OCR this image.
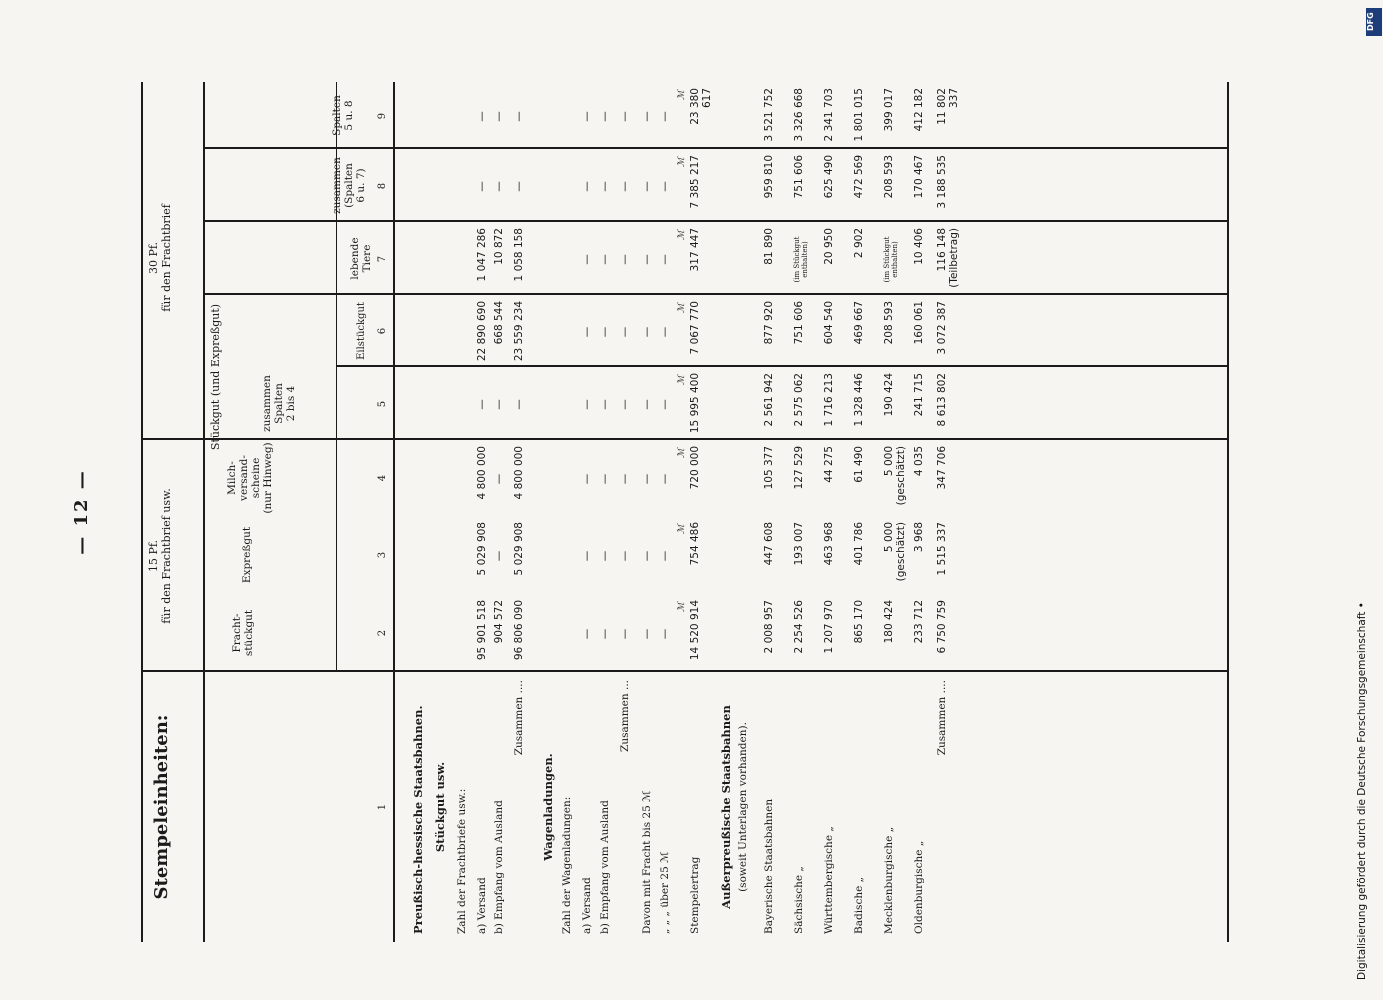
— 12 —
Stempeleinheiten:
15 Pf.
für den Frachtbrief usw.
30 Pf.
für den Frachtbrief
Stückgut (und Expreßgut)
Fracht-
stückgut
Expreßgut
Milch-
versand-
scheine
(nur Hinweg)
zusammen
Spalten
2 bis 4
Eilstückgut
lebende
Tiere
zusammen
(Spalten
6 u. 7)
Spalten
5 u. 8
1
2
3
4
5
6
7
8
9
Preußisch-hessische Staatsbahnen. Stückgut usw. Zahl der Frachtbriefe usw.: a) Versand b) Empfang vom Ausland
Zusammen ....
Wagenladungen. Zahl der Wagenladungen: a) Versand b) Empfang vom Ausland
Zusammen ...
Davon mit Fracht bis 25 ℳ „ „ „ über 25 ℳ Stempelertrag Außerpreußische Staatsbahnen (soweit Unterlagen vorhanden). Bayerische Staatsbahnen Sächsische „ Württembergische „ Badische „ Mecklenburgische „ Oldenburgische „
Zusammen ....
95 901 518
5 029 908
4 800 000
—
22 890 690
1 047 286
—
—
904 572
—
—
—
668 544
10 872
—
—
96 806 090
5 029 908
4 800 000
—
23 559 234
1 058 158
—
—
—
—
—
—
—
—
—
—
—
—
—
—
—
—
—
—
—
—
—
—
—
—
—
—
—
—
—
—
—
—
—
—
—
—
—
—
—
—
—
—
14 520 914
754 486
720 000
15 995 400
7 067 770
317 447
7 385 217
23 380 617
2 008 957
447 608
105 377
2 561 942
877 920
81 890
959 810
3 521 752
2 254 526
193 007
127 529
2 575 062
751 606
(im Stückgut enthalten)
751 606
3 326 668
1 207 970
463 968
44 275
1 716 213
604 540
20 950
625 490
2 341 703
865 170
401 786
61 490
1 328 446
469 667
2 902
472 569
1 801 015
180 424
5 000
(geschätzt)
5 000
(geschätzt)
190 424
208 593
(im Stückgut enthalten)
208 593
399 017
233 712
3 968
4 035
241 715
160 061
10 406
170 467
412 182
6 750 759
1 515 337
347 706
8 613 802
3 072 387
116 148
(Teilbetrag)
3 188 535
11 802 337
ℳ
ℳ
ℳ
ℳ
ℳ
ℳ
ℳ
ℳ
Digitalisierung gefördert durch die Deutsche Forschungsgemeinschaft •
DFG
